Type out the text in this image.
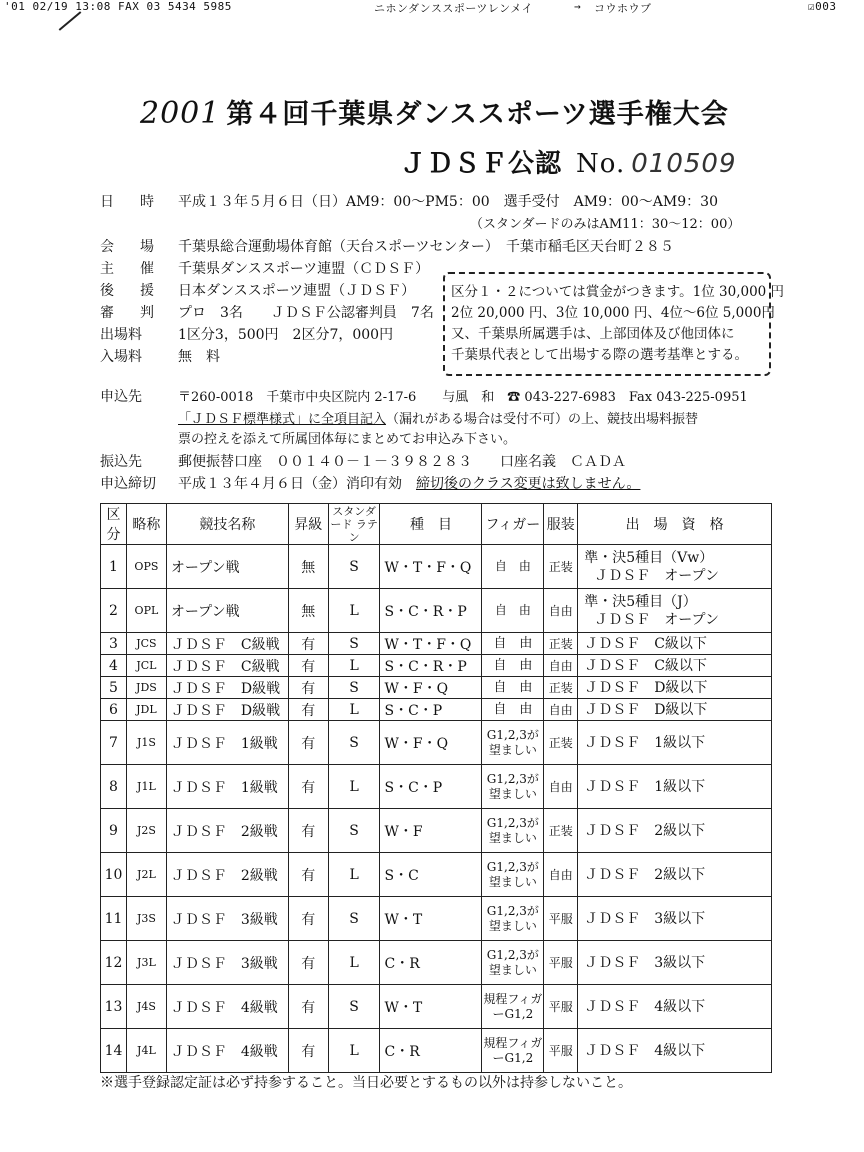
'01 02/19 13:08 FAX 03 5434 5985	ニホンダンススポーツレンメイ	→ コウホウブ	☑003
2001 第４回千葉県ダンススポーツ選手権大会
ＪＤＳＦ公認 No. 010509
日　時	平成１３年５月６日（日）AM9：00〜PM5：00　選手受付　AM9：00〜AM9：30
（スタンダードのみはAM11：30〜12：00）
会　場	千葉県総合運動場体育館（天台スポーツセンター）　千葉市稲毛区天台町２８５
主　催	千葉県ダンススポーツ連盟（ＣＤＳＦ）
後　援	日本ダンススポーツ連盟（ＪＤＳＦ）
審　判	プロ　3名　　ＪＤＳＦ公認審判員　7名
出場料	1区分3，500円　2区分7，000円
入場料	無　料
区分１・２については賞金がつきます。1位 30,000 円
2位 20,000 円、3位 10,000 円、4位〜6位 5,000円
又、千葉県所属選手は、上部団体及び他団体に
千葉県代表として出場する際の選考基準とする。
申込先	〒260-0018　千葉市中央区院内 2-17-6　　与風　和　☎ 043-227-6983　Fax 043-225-0951
「ＪＤＳＦ標準様式」に全項目記入（漏れがある場合は受付不可）の上、競技出場料振替
票の控えを添えて所属団体毎にまとめてお申込み下さい。
振込先	郵便振替口座　００１４０－１－３９８２８３　　口座名義　ＣＡＤＡ
申込締切	平成１３年４月６日（金）消印有効　締切後のクラス変更は致しません。
区分	略称	競技名称	昇級	スタンダード ラテン	種　目	フィガー	服装	出　場　資　格
1	OPS	オープン戦	無	S	W・T・F・Q	自　由	正装	準・決5種目（Vw）
ＪＤＳＦ　オープン

2	OPL	オープン戦	無	L	S・C・R・P	自　由	自由	準・決5種目（J）
ＪＤＳＦ　オープン

3	JCS	ＪＤＳＦ　C級戦	有	S	W・T・F・Q	自　由	正装	ＪＤＳＦ　C級以下

4	JCL	ＪＤＳＦ　C級戦	有	L	S・C・R・P	自　由	自由	ＪＤＳＦ　C級以下

5	JDS	ＪＤＳＦ　D級戦	有	S	W・F・Q	自　由	正装	ＪＤＳＦ　D級以下

6	JDL	ＪＤＳＦ　D級戦	有	L	S・C・P	自　由	自由	ＪＤＳＦ　D級以下

7	J1S	ＪＤＳＦ　1級戦	有	S	W・F・Q	G1,2,3が望ましい	正装	ＪＤＳＦ　1級以下

8	J1L	ＪＤＳＦ　1級戦	有	L	S・C・P	G1,2,3が望ましい	自由	ＪＤＳＦ　1級以下

9	J2S	ＪＤＳＦ　2級戦	有	S	W・F	G1,2,3が望ましい	正装	ＪＤＳＦ　2級以下

10	J2L	ＪＤＳＦ　2級戦	有	L	S・C	G1,2,3が望ましい	自由	ＪＤＳＦ　2級以下

11	J3S	ＪＤＳＦ　3級戦	有	S	W・T	G1,2,3が望ましい	平服	ＪＤＳＦ　3級以下

12	J3L	ＪＤＳＦ　3級戦	有	L	C・R	G1,2,3が望ましい	平服	ＪＤＳＦ　3級以下

13	J4S	ＪＤＳＦ　4級戦	有	S	W・T	規程フィガーG1,2	平服	ＪＤＳＦ　4級以下

14	J4L	ＪＤＳＦ　4級戦	有	L	C・R	規程フィガーG1,2	平服	ＪＤＳＦ　4級以下
※選手登録認定証は必ず持参すること。当日必要とするもの以外は持参しないこと。
